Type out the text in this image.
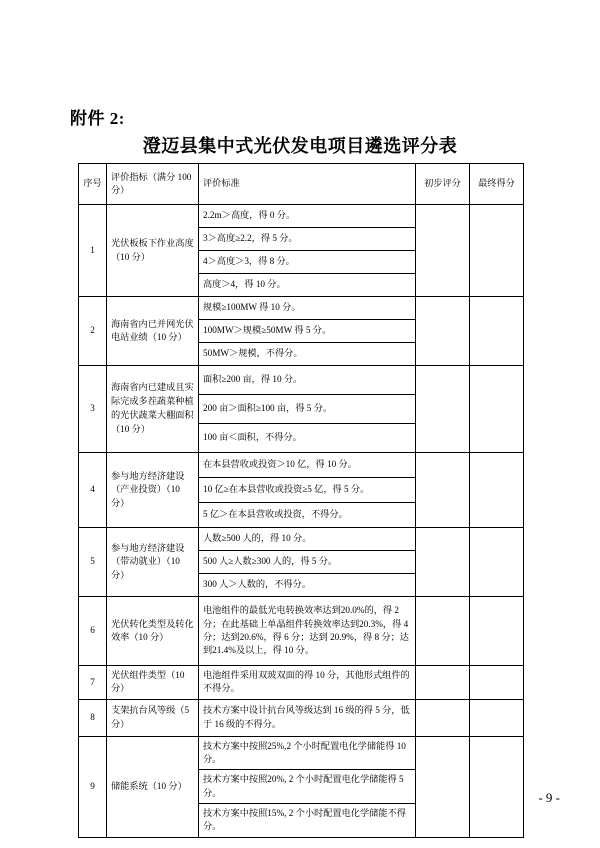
附件 2:
澄迈县集中式光伏发电项目遴选评分表
序号	评价指标（满分 100 分）	评价标准	初步评分	最终得分
1	光伏板板下作业高度（10 分）	2.2m＞高度，得 0 分。		
		3＞高度≥2.2，得 5 分。		
		4＞高度＞3，得 8 分。		
		高度＞4，得 10 分。		
2	海南省内已并网光伏电站业绩（10 分）	规模≥100MW 得 10 分。		
		100MW＞规模≥50MW 得 5 分。		
		50MW＞规模，不得分。		
3	海南省内已建成且实际完成多茬蔬菜种植的光伏蔬菜大棚面积（10 分）	面积≥200 亩，得 10 分。		
		200 亩＞面积≥100 亩，得 5 分。		
		100 亩＜面积，不得分。		
4	参与地方经济建设（产业投资）（10 分）	在本县营收或投资＞10 亿，得 10 分。		
		10 亿≥在本县营收或投资≥5 亿，得 5 分。		
		5 亿＞在本县营收或投资，不得分。		
5	参与地方经济建设（带动就业）（10 分）	人数≥500 人的，得 10 分。		
		500 人≥人数≥300 人的，得 5 分。		
		300 人＞人数的，不得分。		
6	光伏转化类型及转化效率（10 分）	电池组件的最低光电转换效率达到20.0%的，得 2 分；在此基础上单晶组件转换效率达到20.3%，得 4 分；达到20.6%，得 6 分；达到 20.9%，得 8 分；达到21.4%及以上，得 10 分。		
7	光伏组件类型（10 分）	电池组件采用双玻双面的得 10 分，其他形式组件的不得分。		
8	支架抗台风等级（5 分）	技术方案中设计抗台风等级达到 16 级的得 5 分，低于 16 级的不得分。		
9	储能系统（10 分）	技术方案中按照25%,2 个小时配置电化学储能得 10 分。		
		技术方案中按照20%, 2 个小时配置电化学储能得 5 分。		
		技术方案中按照15%, 2 个小时配置电化学储能不得分。		
- 9 -
